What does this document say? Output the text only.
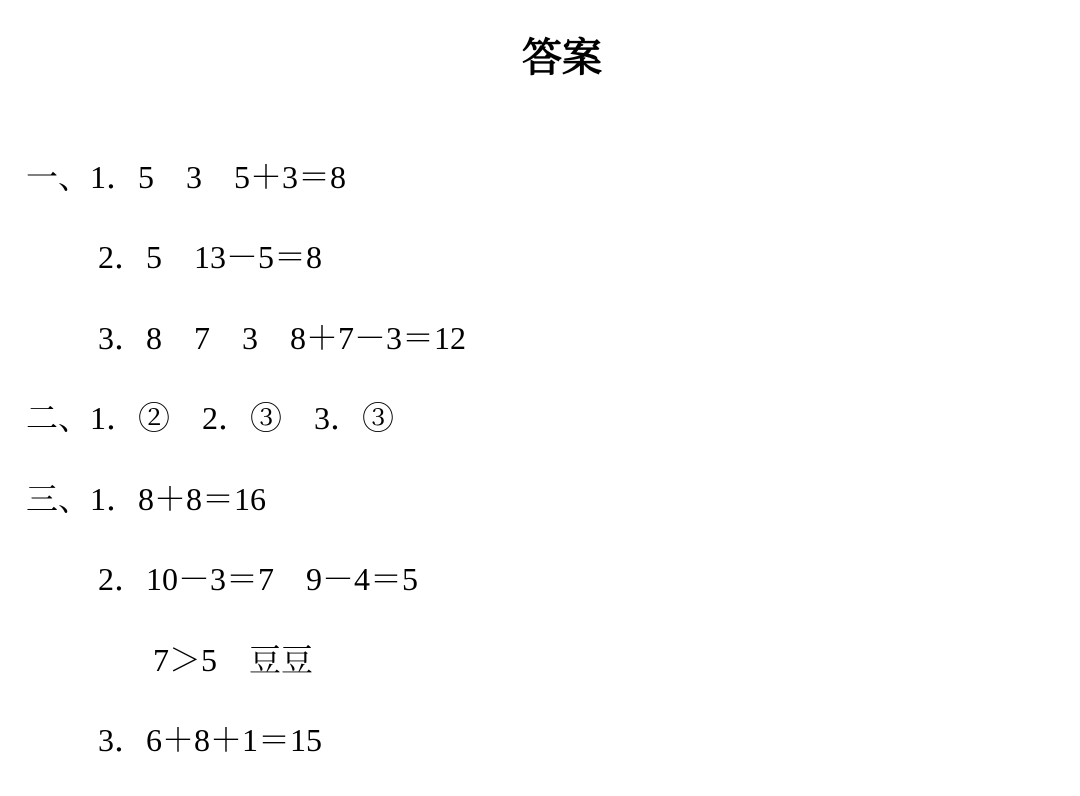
答案
一、1．5　3　5＋3＝8
2．5　13－5＝8
3．8　7　3　8＋7－3＝12
二、1．②　2．③　3．③
三、1．8＋8＝16
2．10－3＝7　9－4＝5
7＞5　豆豆
3．6＋8＋1＝15
